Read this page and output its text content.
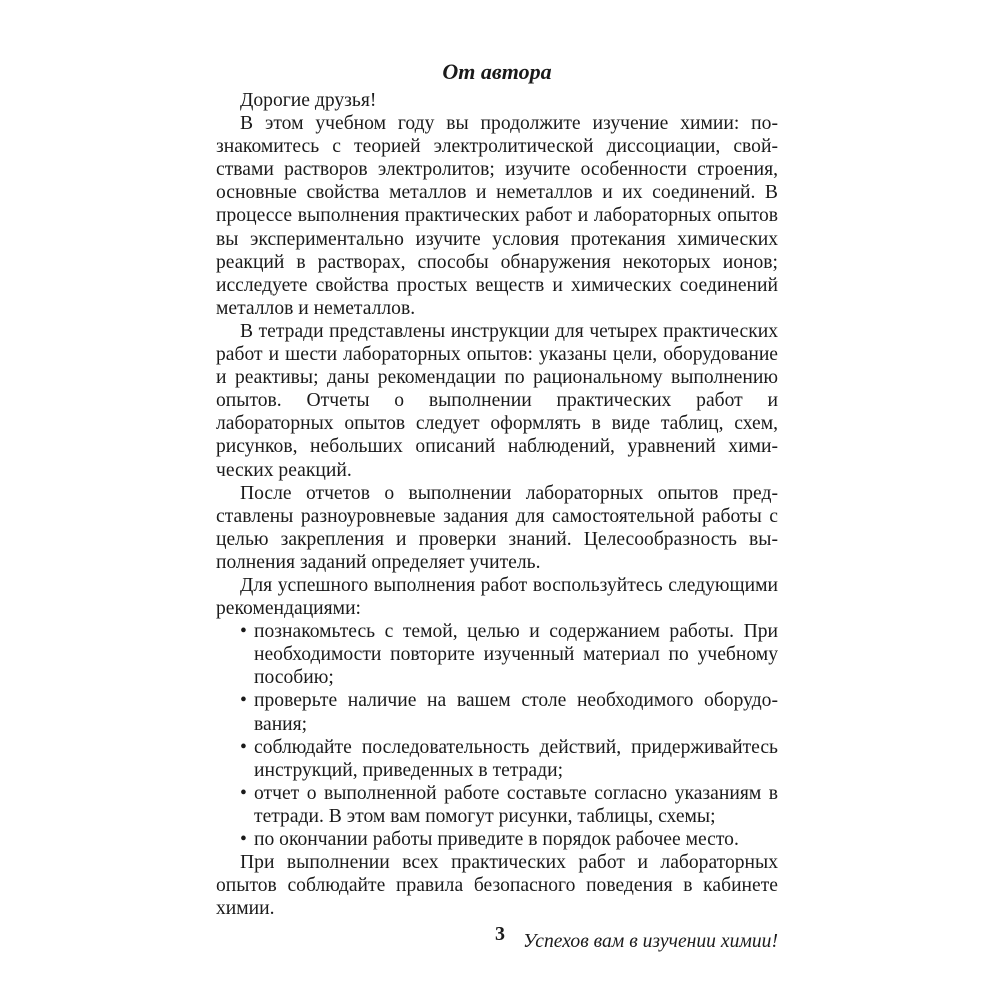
От автора

Дорогие друзья!

В этом учебном году вы продолжите изучение химии: познакомитесь с теорией электролитической диссоциации, свойствами растворов электролитов; изучите особенности строения, основные свойства металлов и неметаллов и их соединений. В процессе выполнения практических работ и лабораторных опытов вы экспериментально изучите условия протекания химических реакций в растворах, способы обнаружения некоторых ионов; исследуете свойства простых веществ и химических соединений металлов и неметаллов.

В тетради представлены инструкции для четырех практических работ и шести лабораторных опытов: указаны цели, оборудование и реактивы; даны рекомендации по рациональному выполнению опытов. Отчеты о выполнении практических работ и лабораторных опытов следует оформлять в виде таблиц, схем, рисунков, небольших описаний наблюдений, уравнений химических реакций.

После отчетов о выполнении лабораторных опытов представлены разноуровневые задания для самостоятельной работы с целью закрепления и проверки знаний. Целесообразность выполнения заданий определяет учитель.

Для успешного выполнения работ воспользуйтесь следующими рекомендациями:

• познакомьтесь с темой, целью и содержанием работы. При необходимости повторите изученный материал по учебному пособию;
• проверьте наличие на вашем столе необходимого оборудования;
• соблюдайте последовательность действий, придерживайтесь инструкций, приведенных в тетради;
• отчет о выполненной работе составьте согласно указаниям в тетради. В этом вам помогут рисунки, таблицы, схемы;
• по окончании работы приведите в порядок рабочее место.

При выполнении всех практических работ и лабораторных опытов соблюдайте правила безопасного поведения в кабинете химии.

Успехов вам в изучении химии!

3
